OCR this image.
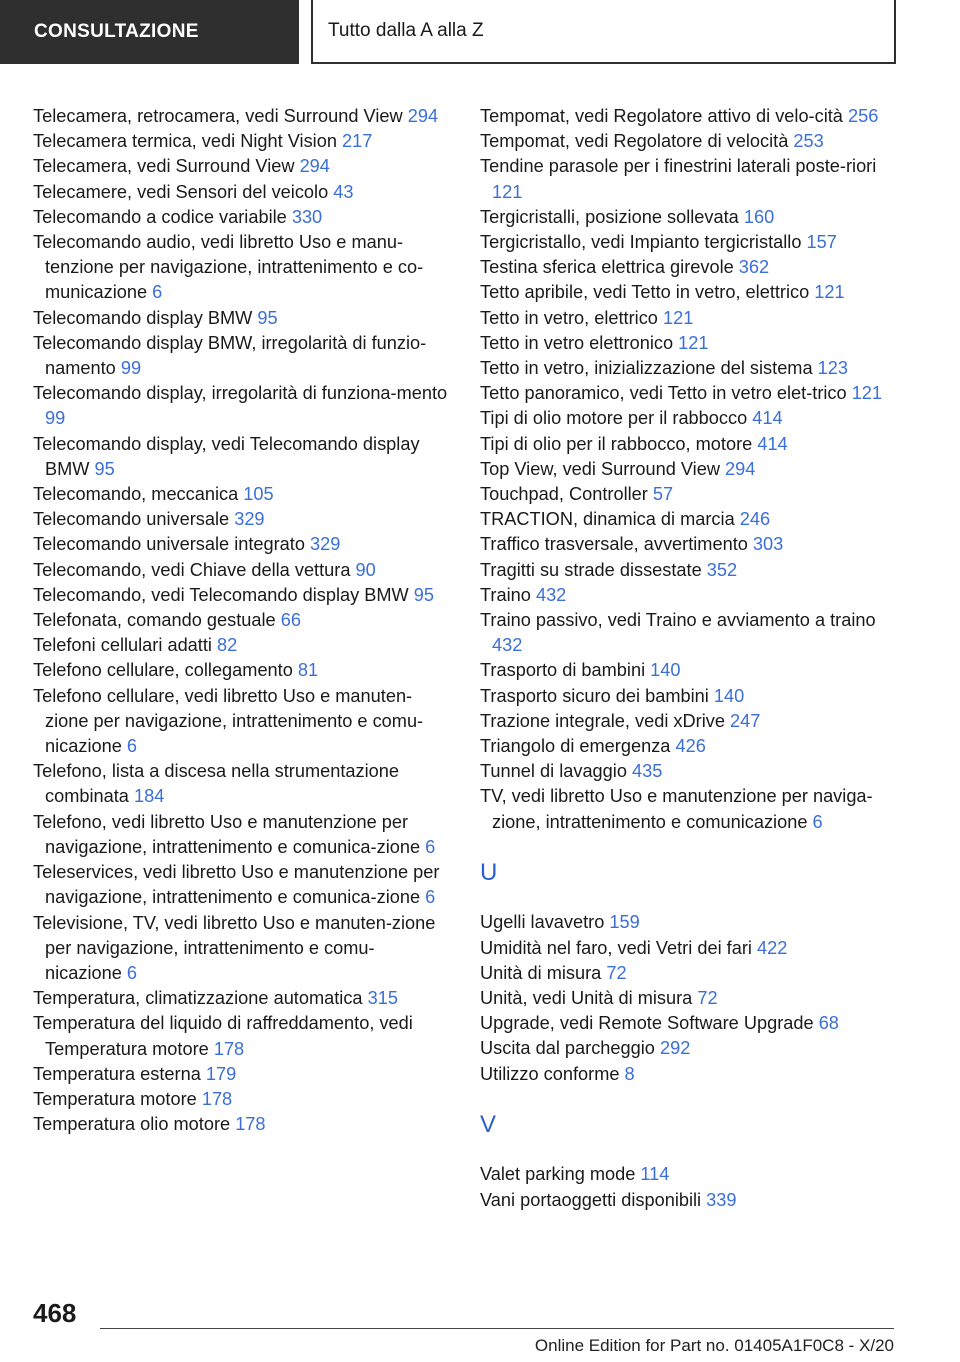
CONSULTAZIONE	Tutto dalla A alla Z
Telecamera, retrocamera, vedi Surround View 294
Telecamera termica, vedi Night Vision 217
Telecamera, vedi Surround View 294
Telecamere, vedi Sensori del veicolo 43
Telecomando a codice variabile 330
Telecomando audio, vedi libretto Uso e manu-tenzione per navigazione, intrattenimento e co-municazione 6
Telecomando display BMW 95
Telecomando display BMW, irregolarità di funzio-namento 99
Telecomando display, irregolarità di funziona-mento 99
Telecomando display, vedi Telecomando display BMW 95
Telecomando, meccanica 105
Telecomando universale 329
Telecomando universale integrato 329
Telecomando, vedi Chiave della vettura 90
Telecomando, vedi Telecomando display BMW 95
Telefonata, comando gestuale 66
Telefoni cellulari adatti 82
Telefono cellulare, collegamento 81
Telefono cellulare, vedi libretto Uso e manuten-zione per navigazione, intrattenimento e comu-nicazione 6
Telefono, lista a discesa nella strumentazione combinata 184
Telefono, vedi libretto Uso e manutenzione per navigazione, intrattenimento e comunica-zione 6
Teleservices, vedi libretto Uso e manutenzione per navigazione, intrattenimento e comunica-zione 6
Televisione, TV, vedi libretto Uso e manuten-zione per navigazione, intrattenimento e comu-nicazione 6
Temperatura, climatizzazione automatica 315
Temperatura del liquido di raffreddamento, vedi Temperatura motore 178
Temperatura esterna 179
Temperatura motore 178
Temperatura olio motore 178
Tempomat, vedi Regolatore attivo di velo-cità 256
Tempomat, vedi Regolatore di velocità 253
Tendine parasole per i finestrini laterali poste-riori 121
Tergicristalli, posizione sollevata 160
Tergicristallo, vedi Impianto tergicristallo 157
Testina sferica elettrica girevole 362
Tetto apribile, vedi Tetto in vetro, elettrico 121
Tetto in vetro, elettrico 121
Tetto in vetro elettronico 121
Tetto in vetro, inizializzazione del sistema 123
Tetto panoramico, vedi Tetto in vetro elet-trico 121
Tipi di olio motore per il rabbocco 414
Tipi di olio per il rabbocco, motore 414
Top View, vedi Surround View 294
Touchpad, Controller 57
TRACTION, dinamica di marcia 246
Traffico trasversale, avvertimento 303
Tragitti su strade dissestate 352
Traino 432
Traino passivo, vedi Traino e avviamento a traino 432
Trasporto di bambini 140
Trasporto sicuro dei bambini 140
Trazione integrale, vedi xDrive 247
Triangolo di emergenza 426
Tunnel di lavaggio 435
TV, vedi libretto Uso e manutenzione per naviga-zione, intrattenimento e comunicazione 6
U
Ugelli lavavetro 159
Umidità nel faro, vedi Vetri dei fari 422
Unità di misura 72
Unità, vedi Unità di misura 72
Upgrade, vedi Remote Software Upgrade 68
Uscita dal parcheggio 292
Utilizzo conforme 8
V
Valet parking mode 114
Vani portaoggetti disponibili 339
468
Online Edition for Part no. 01405A1F0C8 - X/20
